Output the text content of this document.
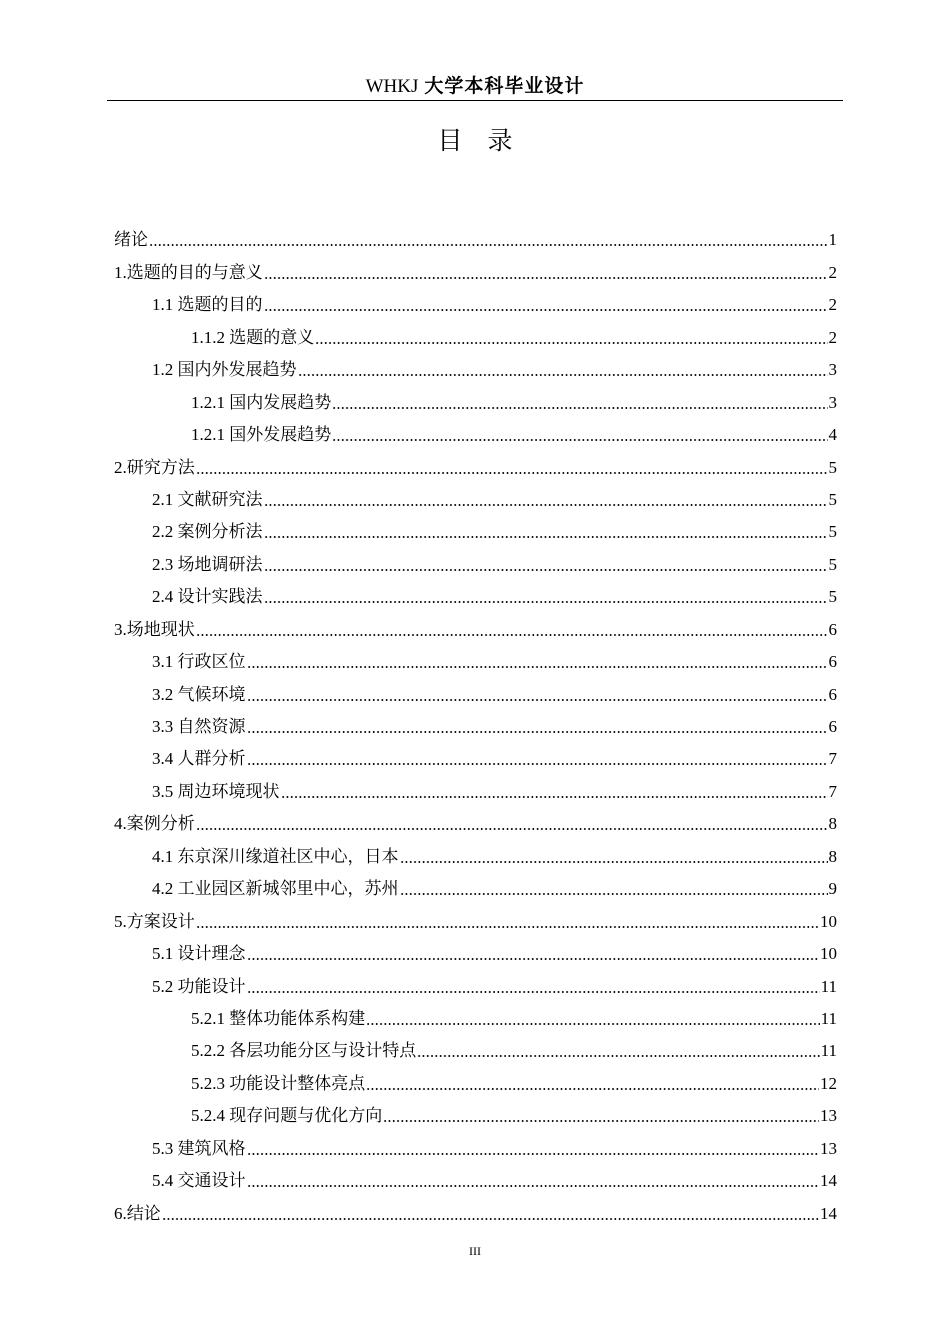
WHKJ 大学本科毕业设计
目　录
绪论	1
1.选题的目的与意义	2
1.1 选题的目的	2
1.1.2 选题的意义	2
1.2 国内外发展趋势	3
1.2.1 国内发展趋势	3
1.2.1 国外发展趋势	4
2.研究方法	5
2.1 文献研究法	5
2.2 案例分析法	5
2.3 场地调研法	5
2.4 设计实践法	5
3.场地现状	6
3.1 行政区位	6
3.2 气候环境	6
3.3 自然资源	6
3.4 人群分析	7
3.5 周边环境现状	7
4.案例分析	8
4.1 东京深川缘道社区中心，日本	8
4.2 工业园区新城邻里中心，苏州	9
5.方案设计	10
5.1 设计理念	10
5.2 功能设计	11
5.2.1 整体功能体系构建	11
5.2.2 各层功能分区与设计特点	11
5.2.3 功能设计整体亮点	12
5.2.4 现存问题与优化方向	13
5.3 建筑风格	13
5.4 交通设计	14
6.结论	14
III
